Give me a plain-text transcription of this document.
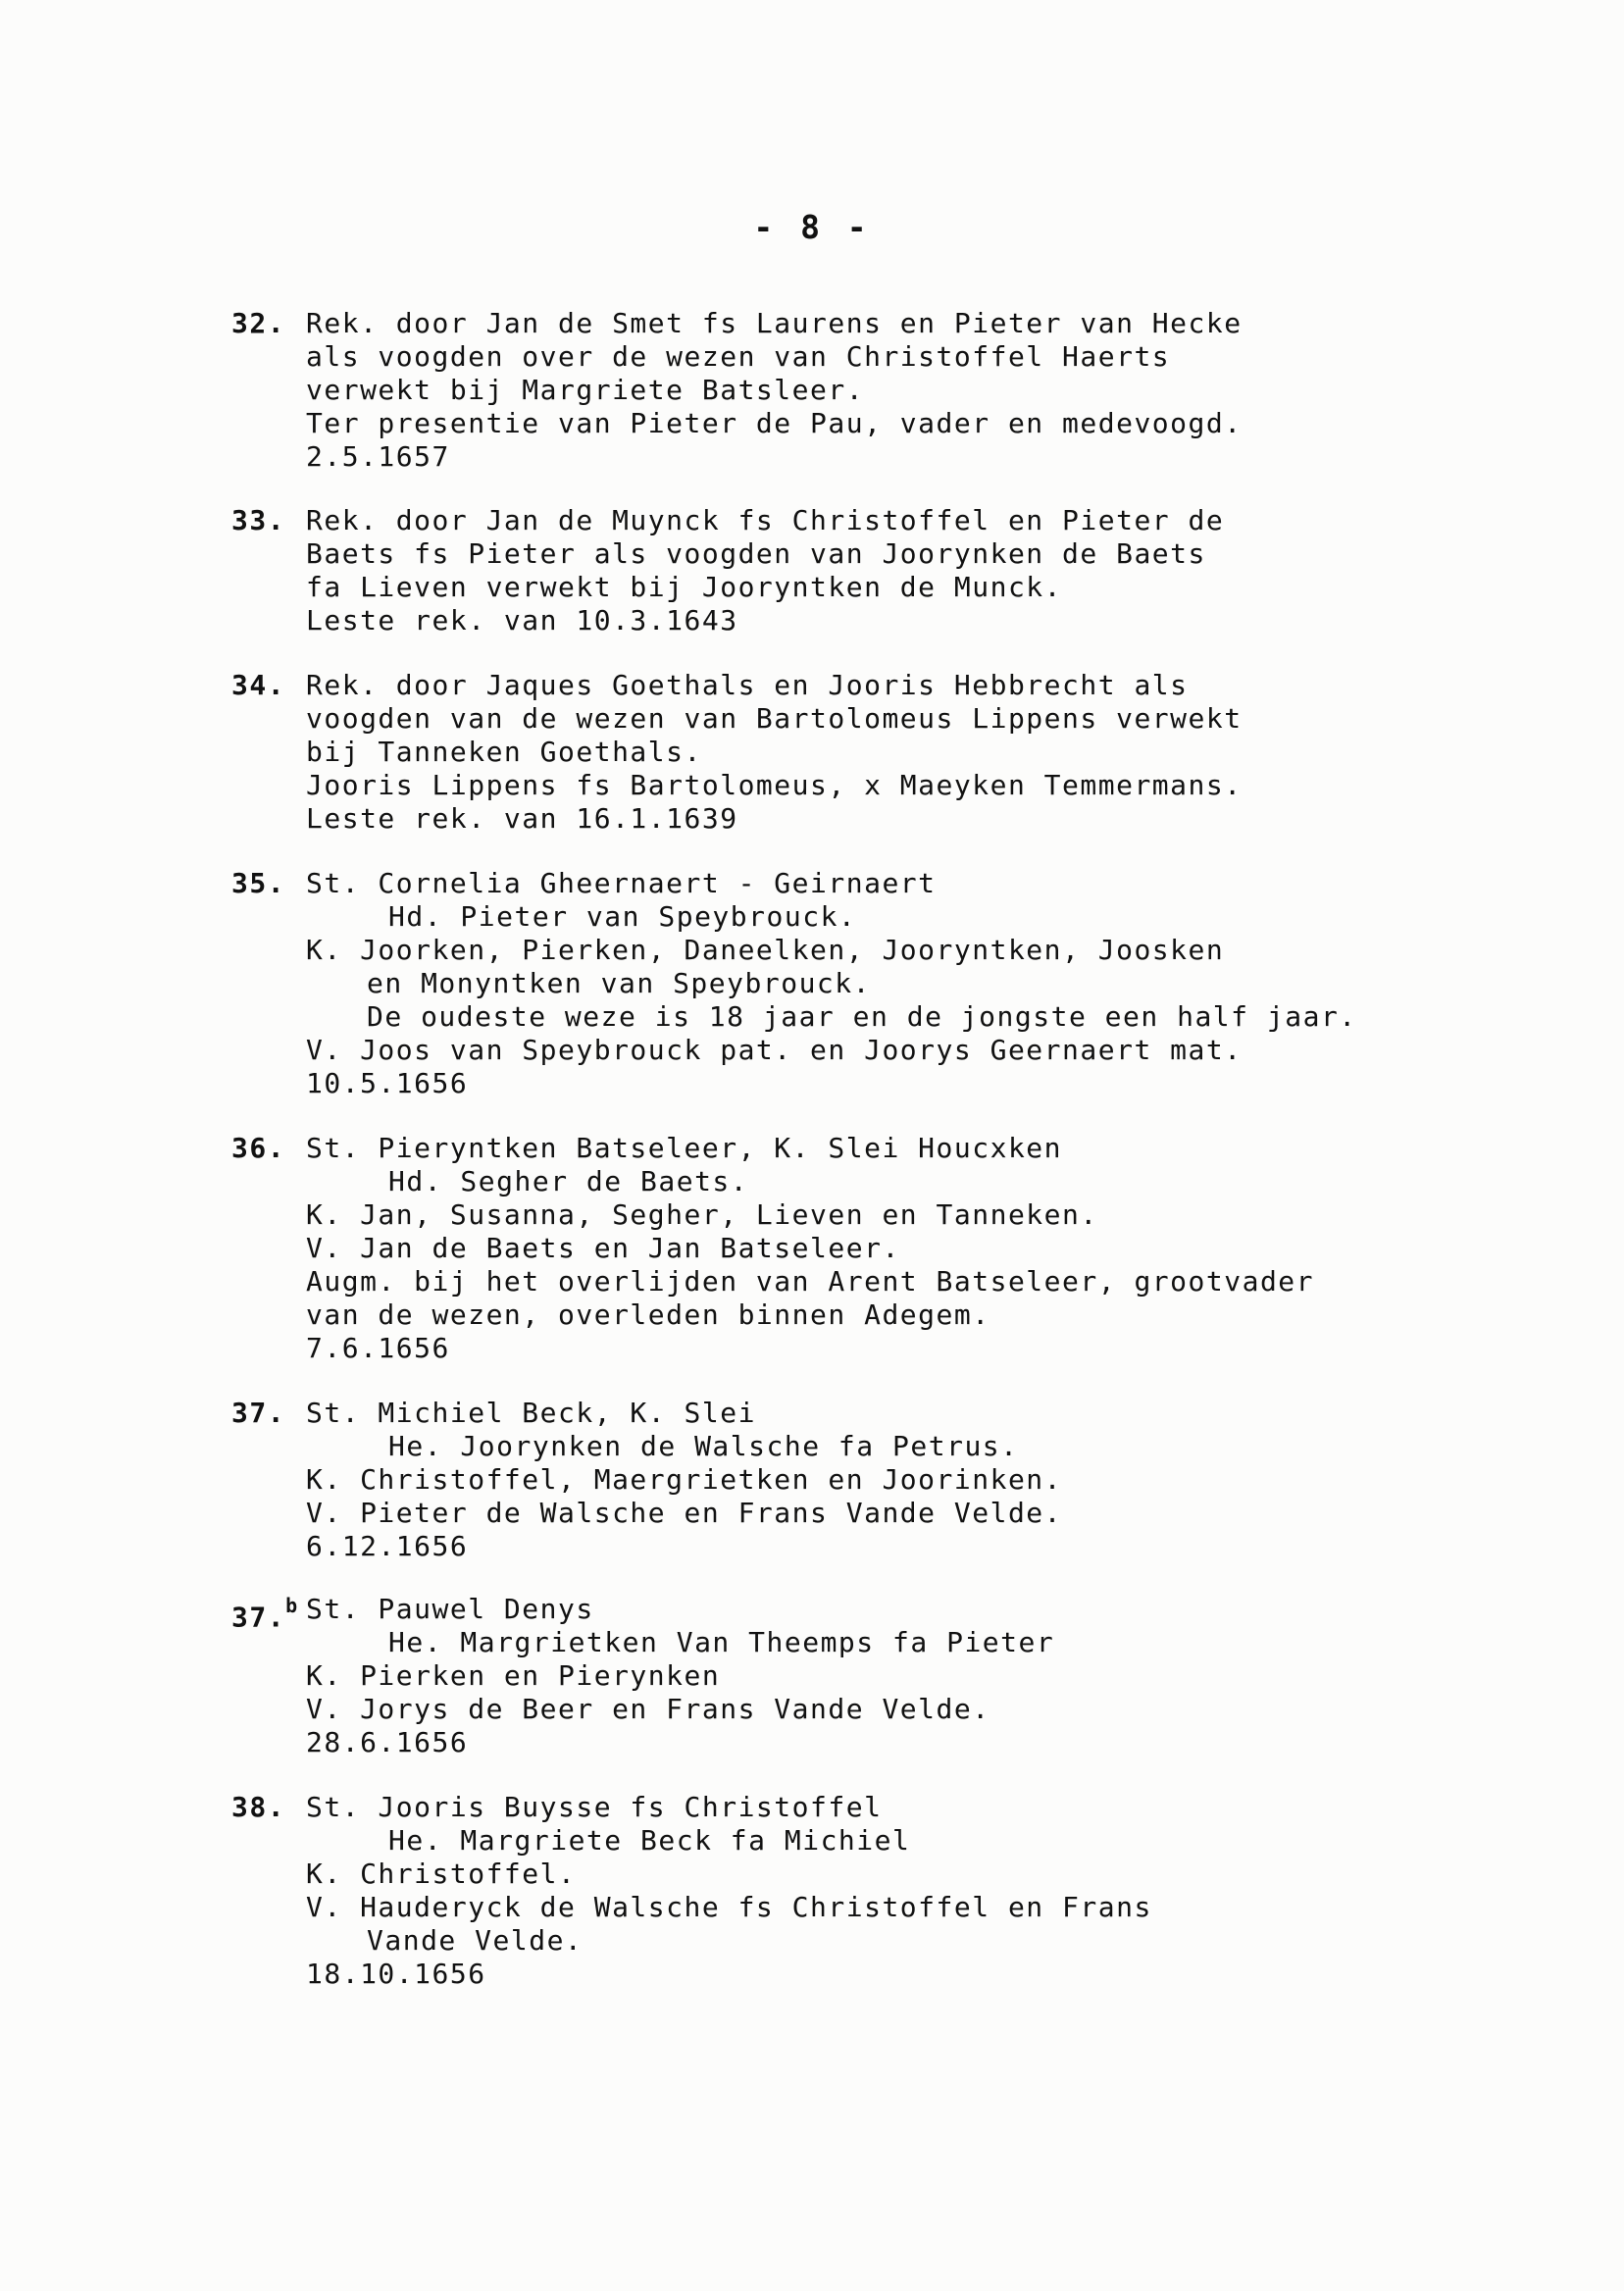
- 8 -
32. Rek. door Jan de Smet fs Laurens en Pieter van Hecke
als voogden over de wezen van Christoffel Haerts
verwekt bij Margriete Batsleer.
Ter presentie van Pieter de Pau, vader en medevoogd.
2.5.1657
33. Rek. door Jan de Muynck fs Christoffel en Pieter de
Baets fs Pieter als voogden van Joorynken de Baets
fa Lieven verwekt bij Jooryntken de Munck.
Leste rek. van 10.3.1643
34. Rek. door Jaques Goethals en Jooris Hebbrecht als
voogden van de wezen van Bartolomeus Lippens verwekt
bij Tanneken Goethals.
Jooris Lippens fs Bartolomeus, x Maeyken Temmermans.
Leste rek. van 16.1.1639
35. St. Cornelia Gheernaert - Geirnaert
Hd. Pieter van Speybrouck.
K. Joorken, Pierken, Daneelken, Jooryntken, Joosken
en Monyntken van Speybrouck.
De oudeste weze is 18 jaar en de jongste een half jaar.
V. Joos van Speybrouck pat. en Joorys Geernaert mat.
10.5.1656
36. St. Pieryntken Batseleer, K. Slei Houcxken
Hd. Segher de Baets.
K. Jan, Susanna, Segher, Lieven en Tanneken.
V. Jan de Baets en Jan Batseleer.
Augm. bij het overlijden van Arent Batseleer, grootvader
van de wezen, overleden binnen Adegem.
7.6.1656
37. St. Michiel Beck, K. Slei
He. Joorynken de Walsche fa Petrus.
K. Christoffel, Maergrietken en Joorinken.
V. Pieter de Walsche en Frans Vande Velde.
6.12.1656
37.$^b$ St. Pauwel Denys
He. Margrietken Van Theemps fa Pieter
K. Pierken en Pierynken
V. Jorys de Beer en Frans Vande Velde.
28.6.1656
38. St. Jooris Buysse fs Christoffel
He. Margriete Beck fa Michiel
K. Christoffel.
V. Hauderyck de Walsche fs Christoffel en Frans
Vande Velde.
18.10.1656
